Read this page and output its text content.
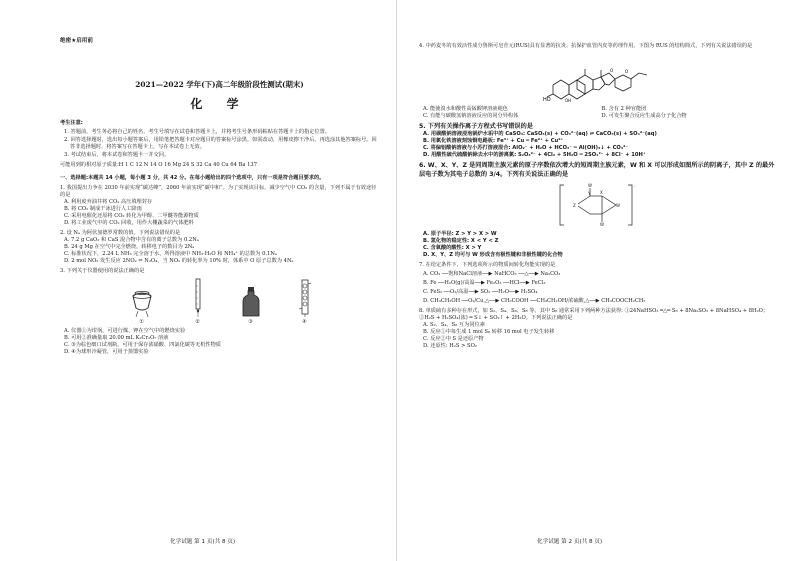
绝密★启用前
2021—2022 学年(下)高二年级阶段性测试(期末)
化 学
考生注意:
1. 答题前，考生务必将自己的姓名、考生号填写在试卷和答题卡上，并将考生号条形码粘贴在答题卡上的指定位置。
2. 回答选择题时，选出每小题答案后，用铅笔把答题卡对应题目的答案标号涂黑。如需改动，用橡皮擦干净后，再选涂其他答案标号。回答非选择题时，将答案写在答题卡上，写在本试卷上无效。
3. 考试结束后，将本试卷和答题卡一并交回。
可能用到的相对原子质量:H 1 C 12 N 14 O 16 Mg 24 S 32 Ca 40 Cu 64 Ba 137
一、选择题:本题共 14 小题，每小题 3 分，共 42 分。在每小题给出的四个选项中，只有一项是符合题目要求的。
1. 我国提出力争在 2030 年前实现“碳达峰”，2060 年前实现“碳中和”。为了实现该目标，减少空气中 CO₂ 的含量，下列不属于有效途径的是
A. 利用废弃油井将 CO₂ 高压填埋封存
B. 将 CO₂ 制成干冰进行人工降雨
C. 采用电催化还原将 CO₂ 转化为甲醇、二甲醚等能源物质
D. 将工业废气中的 CO₂ 回收，用作大棚蔬菜的气体肥料
2. 设 Nₐ 为阿伏加德罗常数的值。下列说法错误的是
A. 7.2 g CaO₂ 和 CaS 混合物中含有的离子总数为 0.2Nₐ
B. 24 g Mg 在空气中完全燃烧，转移电子的数目为 2Nₐ
C. 标准状况下，2.24 L NH₃ 完全溶于水，所得溶液中 NH₃·H₂O 和 NH₄⁺ 的总数为 0.1Nₐ
D. 2 mol NO₂ 发生反应 2NO₂ ⇌ N₂O₄，当 NO₂ 的转化率为 10% 时，体系中 O 原子总数为 4Nₐ
3. 下列关于仪器使用的说法正确的是
①	②	③	④
A. 仪器①为坩埚，可进行煤、钾在空气中的燃烧实验
B. 可用②准确量取 20.00 mL K₂Cr₂O₇ 溶液
C. ③为棕色细口试剂瓶，可用于保存浓硝酸、四氯化碳等无机性物质
D. ④为球形冷凝管，可用于蒸馏实验
化学试题 第 1 页(共 8 页)
4. 中药麦冬的有效活性成分鲁斯可皂苷元(RUS)具有显著的抗炎、抗保护血管内皮等药理作用。下图为 RUS 的结构简式，下列有关说法错误的是
HO	OH
O	O
A. 能使溴水和酸性高锰酸钾溶液褪色	B. 含有 2 种官能团
C. 有能与碳酸氢钠溶液反应的同分异构体	D. 可发生聚合反应生成高分子化合物
5. 下列有关操作离子方程式书写错误的是
A. 用碳酸钠溶液浸泡锅炉水垢中的 CaSO₄: CaSO₄(s) + CO₃²⁻(aq) ⇌ CaCO₃(s) + SO₄²⁻(aq)
B. 用氯化铁溶液刻蚀铜电路板: Fe³⁺ + Cu ═ Fe²⁺ + Cu²⁺
C. 将偏铝酸钠溶液与小苏打溶液混合: AlO₂⁻ + H₂O + HCO₃⁻ ═ Al(OH)₃↓ + CO₃²⁻
D. 用酸性硫代硫酸钠除去水中的游离氯: S₂O₃²⁻ + 4Cl₂ + 5H₂O ═ 2SO₄²⁻ + 8Cl⁻ + 10H⁺
6. W、X、Y、Z 是同周期主族元素的原子序数依次增大的短周期主族元素，W 和 X 可以形成如图所示的阴离子，其中 Z 的最外层电子数为其电子总数的 3/4。下列有关说法正确的是
Z
W
Y X
W
W
⁻
A. 原子半径: Z > Y > X > W
B. 氢化物的稳定性: X < Y < Z
C. 含氧酸的酸性: X > Y
D. X、Y、Z 均可与 W 形成含有极性键和非极性键的化合物
7. 在给定条件下，下列选项所示的物质间转化均能实现的是
A. CO₂ ──饱和NaCl溶液──▶ NaHCO₃ ──△──▶ Na₂CO₃
B. Fe ──H₂O(g)/高温──▶ Fe₂O₃ ──HCl──▶ FeCl₃
C. FeS₂ ──O₂/高温──▶ SO₂ ──H₂O──▶ H₂SO₄
D. CH₃CH₂OH ──O₂/Cu,△──▶ CH₃COOH ──CH₃CH₂OH/浓硫酸,△──▶ CH₃COOCH₂CH₃
8. 单质硫有多种存在形式，如 S₂、S₄、S₆、S₈ 等。其中 S₈ 通常采用下列两种方法获得: ①24NaHSO₃ ═△═ S₈ + 8Na₂SO₃ + 8NaHSO₄ + 8H₂O；②H₂S + H₂SO₄(浓) ═ S↓ + SO₂↑ + 2H₂O。下列说法正确的是
A. S₂、S₄、S₈ 互为同位素
B. 反应①中每生成 1 mol S₈ 转移 16 mol 电子发生转移
C. 反应②中 S 是还原产物
D. 还原性: H₂S > SO₂
化学试题 第 2 页(共 8 页)
